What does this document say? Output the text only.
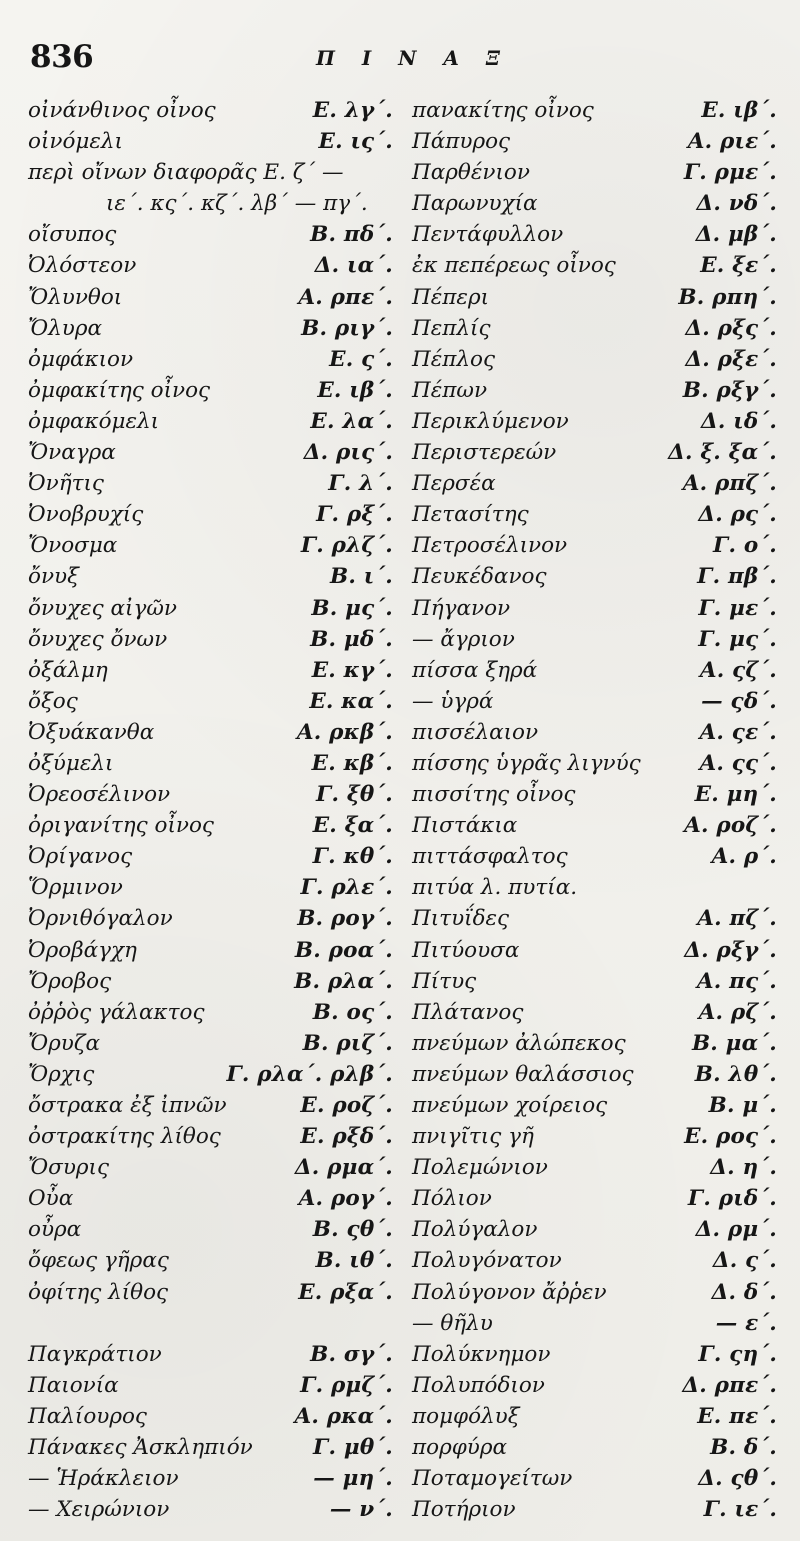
836	Π Ι Ν Α Ξ
οἰνάνθινος οἶνος	Ε. λγ΄.
οἰνόμελι	Ε. ις΄.
περὶ οἴνων διαφορᾶς Ε. ζ΄ —
ιε΄. κς΄. κζ΄. λβ΄ — πγ΄.
οἴσυπος	Β. πδ΄.
Ὀλόστεον	Δ. ια΄.
Ὄλυνθοι	Α. ρπε΄.
Ὄλυρα	Β. ριγ΄.
ὀμφάκιον	Ε. ς΄.
ὀμφακίτης οἶνος	Ε. ιβ΄.
ὀμφακόμελι	Ε. λα΄.
Ὄναγρα	Δ. ρις΄.
Ὀνῆτις	Γ. λ΄.
Ὀνοβρυχίς	Γ. ρξ΄.
Ὄνοσμα	Γ. ρλζ΄.
ὄνυξ	Β. ι΄.
ὄνυχες αἰγῶν	Β. μς΄.
ὄνυχες ὄνων	Β. μδ΄.
ὀξάλμη	Ε. κγ΄.
ὄξος	Ε. κα΄.
Ὀξυάκανθα	Α. ρκβ΄.
ὀξύμελι	Ε. κβ΄.
Ὀρεοσέλινον	Γ. ξθ΄.
ὀριγανίτης οἶνος	Ε. ξα΄.
Ὀρίγανος	Γ. κθ΄.
Ὅρμινον	Γ. ρλε΄.
Ὀρνιθόγαλον	Β. ρογ΄.
Ὀροβάγχη	Β. ροα΄.
Ὄροβος	Β. ρλα΄.
ὀῤῥὸς γάλακτος	Β. ος΄.
Ὄρυζα	Β. ριζ΄.
Ὄρχις	Γ. ρλα΄. ρλβ΄.
ὄστρακα ἐξ ἰπνῶν	Ε. ροζ΄.
ὀστρακίτης λίθος	Ε. ρξδ΄.
Ὄσυρις	Δ. ρμα΄.
Οὖα	Α. ρογ΄.
οὖρα	Β. ςθ΄.
ὄφεως γῆρας	Β. ιθ΄.
ὀφίτης λίθος	Ε. ρξα΄.
Παγκράτιον	Β. σγ΄.
Παιονία	Γ. ρμζ΄.
Παλίουρος	Α. ρκα΄.
Πάνακες Ἀσκληπιόν	Γ. μθ΄.
— Ἡράκλειον	— μη΄.
— Χειρώνιον	— ν΄.
πανακίτης οἶνος	Ε. ιβ΄.
Πάπυρος	Α. ριε΄.
Παρθένιον	Γ. ρμε΄.
Παρωνυχία	Δ. νδ΄.
Πεντάφυλλον	Δ. μβ΄.
ἐκ πεπέρεως οἶνος	Ε. ξε΄.
Πέπερι	Β. ρπη΄.
Πεπλίς	Δ. ρξς΄.
Πέπλος	Δ. ρξε΄.
Πέπων	Β. ρξγ΄.
Περικλύμενον	Δ. ιδ΄.
Περιστερεών	Δ. ξ. ξα΄.
Περσέα	Α. ρπζ΄.
Πετασίτης	Δ. ρς΄.
Πετροσέλινον	Γ. ο΄.
Πευκέδανος	Γ. πβ΄.
Πήγανον	Γ. με΄.
— ἄγριον	Γ. μς΄.
πίσσα ξηρά	Α. ςζ΄.
— ὑγρά	— ςδ΄.
πισσέλαιον	Α. ςε΄.
πίσσης ὑγρᾶς λιγνύς	Α. ςς΄.
πισσίτης οἶνος	Ε. μη΄.
Πιστάκια	Α. ροζ΄.
πιττάσφαλτος	Α. ρ΄.
πιτύα λ. πυτία.
Πιτυΐδες	Α. πζ΄.
Πιτύουσα	Δ. ρξγ΄.
Πίτυς	Α. πς΄.
Πλάτανος	Α. ρζ΄.
πνεύμων ἀλώπεκος	Β. μα΄.
πνεύμων θαλάσσιος	Β. λθ΄.
πνεύμων χοίρειος	Β. μ΄.
πνιγῖτις γῆ	Ε. ρος΄.
Πολεμώνιον	Δ. η΄.
Πόλιον	Γ. ριδ΄.
Πολύγαλον	Δ. ρμ΄.
Πολυγόνατον	Δ. ς΄.
Πολύγονον ἄῤῥεν	Δ. δ΄.
— θῆλυ	— ε΄.
Πολύκνημον	Γ. ςη΄.
Πολυπόδιον	Δ. ρπε΄.
πομφόλυξ	Ε. πε΄.
πορφύρα	Β. δ΄.
Ποταμογείτων	Δ. ςθ΄.
Ποτήριον	Γ. ιε΄.
